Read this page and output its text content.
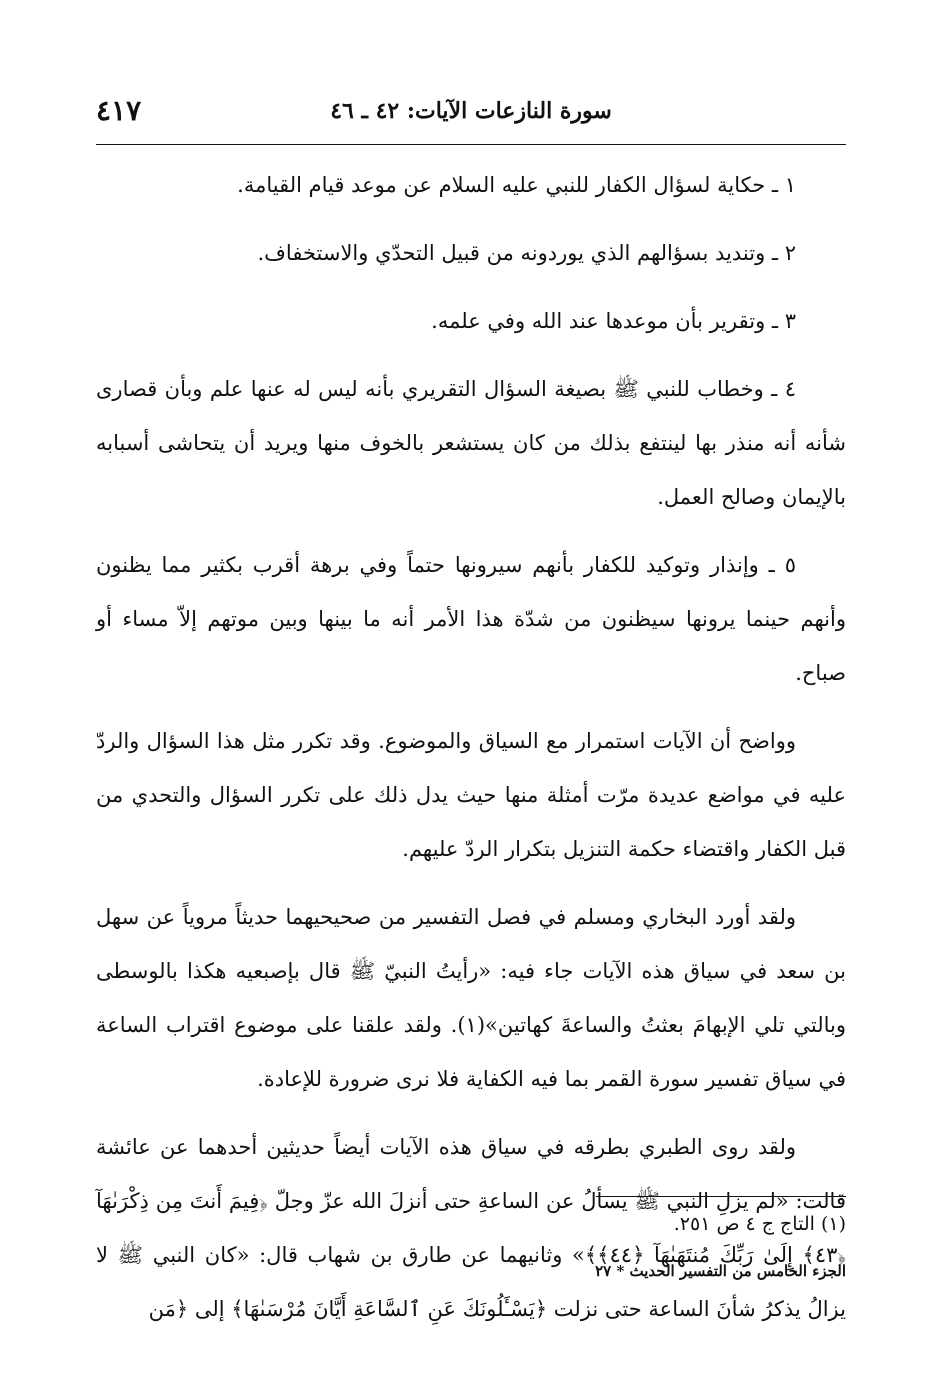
سورة النازعات الآيات: ٤٢ ـ ٤٦
٤١٧

١ ـ حكاية لسؤال الكفار للنبي عليه السلام عن موعد قيام القيامة.

٢ ـ وتنديد بسؤالهم الذي يوردونه من قبيل التحدّي والاستخفاف.

٣ ـ وتقرير بأن موعدها عند الله وفي علمه.

٤ ـ وخطاب للنبي ﷺ بصيغة السؤال التقريري بأنه ليس له عنها علم وبأن قصارى شأنه أنه منذر بها لينتفع بذلك من كان يستشعر بالخوف منها ويريد أن يتحاشى أسبابه بالإيمان وصالح العمل.

٥ ـ وإنذار وتوكيد للكفار بأنهم سيرونها حتماً وفي برهة أقرب بكثير مما يظنون وأنهم حينما يرونها سيظنون من شدّة هذا الأمر أنه ما بينها وبين موتهم إلاّ مساء أو صباح.

وواضح أن الآيات استمرار مع السياق والموضوع. وقد تكرر مثل هذا السؤال والردّ عليه في مواضع عديدة مرّت أمثلة منها حيث يدل ذلك على تكرر السؤال والتحدي من قبل الكفار واقتضاء حكمة التنزيل بتكرار الردّ عليهم.

ولقد أورد البخاري ومسلم في فصل التفسير من صحيحيهما حديثاً مروياً عن سهل بن سعد في سياق هذه الآيات جاء فيه: «رأيتُ النبيّ ﷺ قال بإصبعيه هكذا بالوسطى وبالتي تلي الإبهامَ بعثتُ والساعةَ كهاتين»(١). ولقد علقنا على موضوع اقتراب الساعة في سياق تفسير سورة القمر بما فيه الكفاية فلا نرى ضرورة للإعادة.

ولقد روى الطبري بطرقه في سياق هذه الآيات أيضاً حديثين أحدهما عن عائشة قالت: «لم يزلِ النبي ﷺ يسألُ عن الساعةِ حتى أنزلَ الله عزّ وجلّ ﴿فِيمَ أَنتَ مِن ذِكْرَىٰهَآ ﴿٤٣﴾ إِلَىٰ رَبِّكَ مُنتَهَىٰهَآ ﴿٤٤﴾﴾» وثانيهما عن طارق بن شهاب قال: «كان النبي ﷺ لا يزالُ يذكرُ شأنَ الساعة حتى نزلت ﴿يَسْـَٔلُونَكَ عَنِ ٱلسَّاعَةِ أَيَّانَ مُرْسَىٰهَا﴾ إلى ﴿مَن

(١) التاج ج ٤ ص ٢٥١.
الجزء الخامس من التفسير الحديث * ٢٧
